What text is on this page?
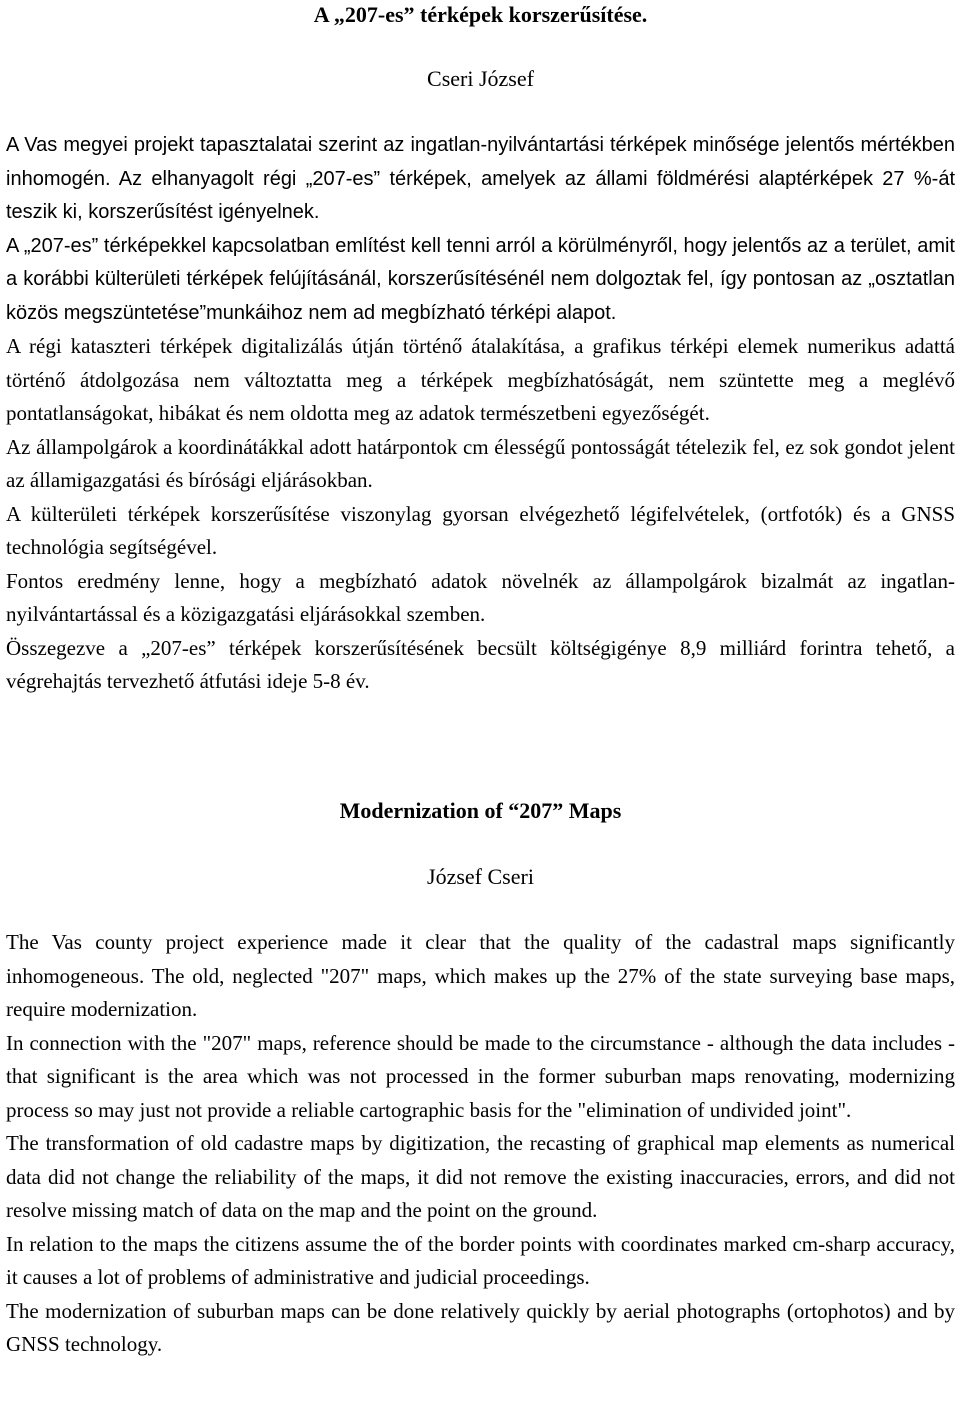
A „207-es” térképek korszerűsítése.

Cseri József

A Vas megyei projekt tapasztalatai szerint az ingatlan-nyilvántartási térképek minősége jelentős mértékben inhomogén. Az elhanyagolt régi „207-es” térképek, amelyek az állami földmérési alaptérképek 27 %-át teszik ki, korszerűsítést igényelnek.

A „207-es” térképekkel kapcsolatban említést kell tenni arról a körülményről, hogy jelentős az a terület, amit a korábbi külterületi térképek felújításánál, korszerűsítésénél nem dolgoztak fel, így pontosan az „osztatlan közös megszüntetése”munkáihoz nem ad megbízható térképi alapot.

A régi kataszteri térképek digitalizálás útján történő átalakítása, a grafikus térképi elemek numerikus adattá történő átdolgozása nem változtatta meg a térképek megbízhatóságát, nem szüntette meg a meglévő pontatlanságokat, hibákat és nem oldotta meg az adatok természetbeni egyezőségét.

Az állampolgárok a koordinátákkal adott határpontok cm élességű pontosságát tételezik fel, ez sok gondot jelent az államigazgatási és bírósági eljárásokban.

A külterületi térképek korszerűsítése viszonylag gyorsan elvégezhető légifelvételek, (ortfotók) és a GNSS technológia segítségével.

Fontos eredmény lenne, hogy a megbízható adatok növelnék az állampolgárok bizalmát az ingatlan-nyilvántartással és a közigazgatási eljárásokkal szemben.

Összegezve a „207-es” térképek korszerűsítésének becsült költségigénye 8,9 milliárd forintra tehető, a végrehajtás tervezhető átfutási ideje 5-8 év.

Modernization of “207” Maps

József Cseri

The Vas county project experience made it clear that the quality of the cadastral maps significantly inhomogeneous. The old, neglected "207" maps, which makes up the 27% of the state surveying base maps, require modernization.

In connection with the "207" maps, reference should be made to the circumstance - although the data includes - that significant is the area which was not processed in the former suburban maps renovating, modernizing process so may just not provide a reliable cartographic basis for the "elimination of undivided joint".

The transformation of old cadastre maps by digitization, the recasting of graphical map elements as numerical data did not change the reliability of the maps, it did not remove the existing inaccuracies, errors, and did not resolve missing match of data on the map and the point on the ground.

In relation to the maps the citizens assume the of the border points with coordinates marked cm-sharp accuracy, it causes a lot of problems of administrative and judicial proceedings.

The modernization of suburban maps can be done relatively quickly by aerial photographs (ortophotos) and by GNSS technology.
